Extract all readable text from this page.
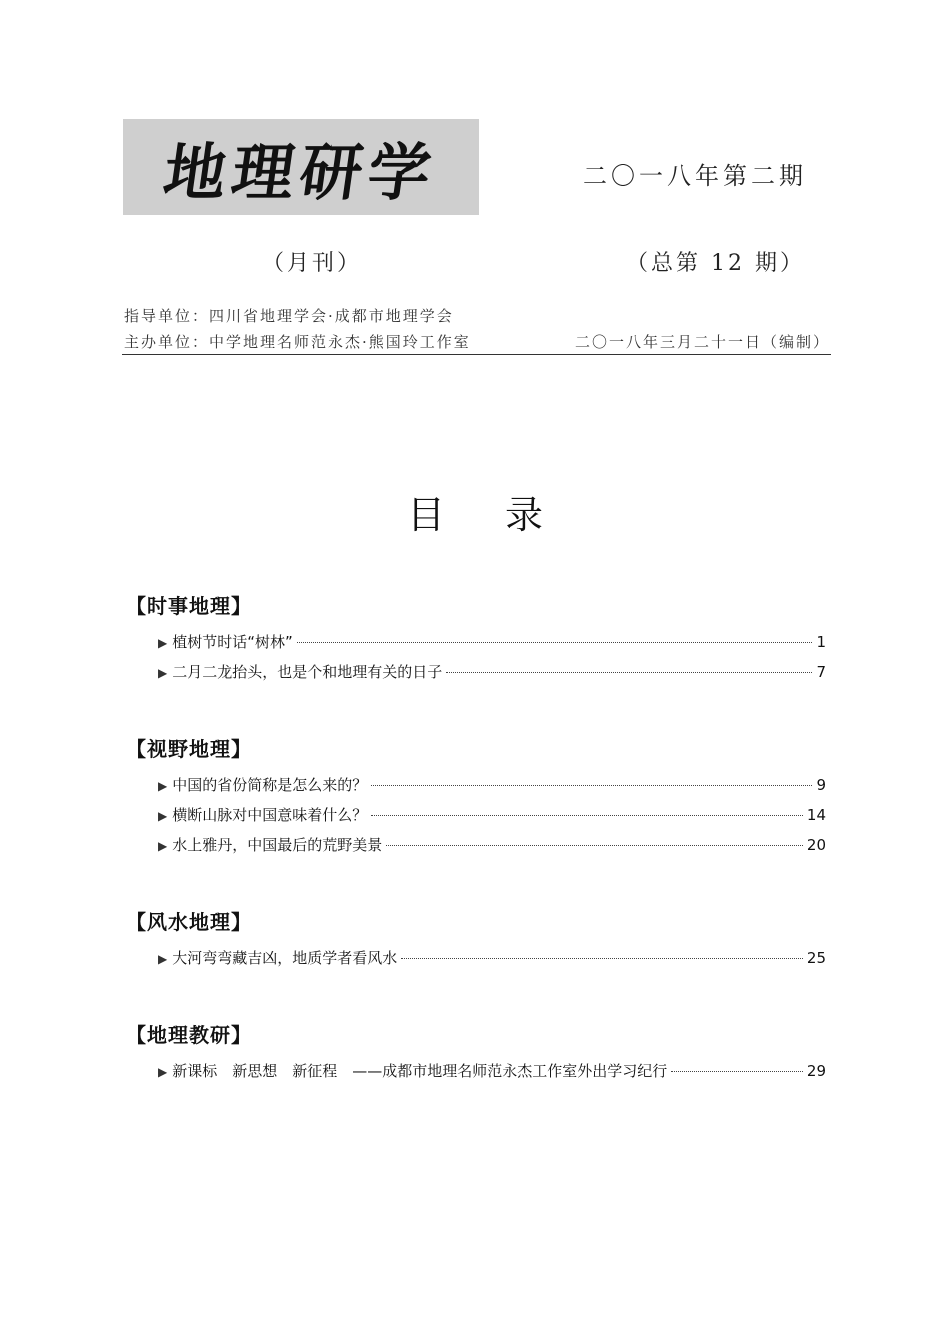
地理研学	二〇一八年第二期
（月刊）	（总第 12 期）
指导单位：四川省地理学会·成都市地理学会
主办单位：中学地理名师范永杰·熊国玲工作室	二〇一八年三月二十一日（编制）
目录
【时事地理】
▶ 植树节时话“树林”	1
▶ 二月二龙抬头，也是个和地理有关的日子	7
【视野地理】
▶ 中国的省份简称是怎么来的？	9
▶ 横断山脉对中国意味着什么？	14
▶ 水上雅丹，中国最后的荒野美景	20
【风水地理】
▶ 大河弯弯藏吉凶，地质学者看风水	25
【地理教研】
▶ 新课标　新思想　新征程　——成都市地理名师范永杰工作室外出学习纪行	29
